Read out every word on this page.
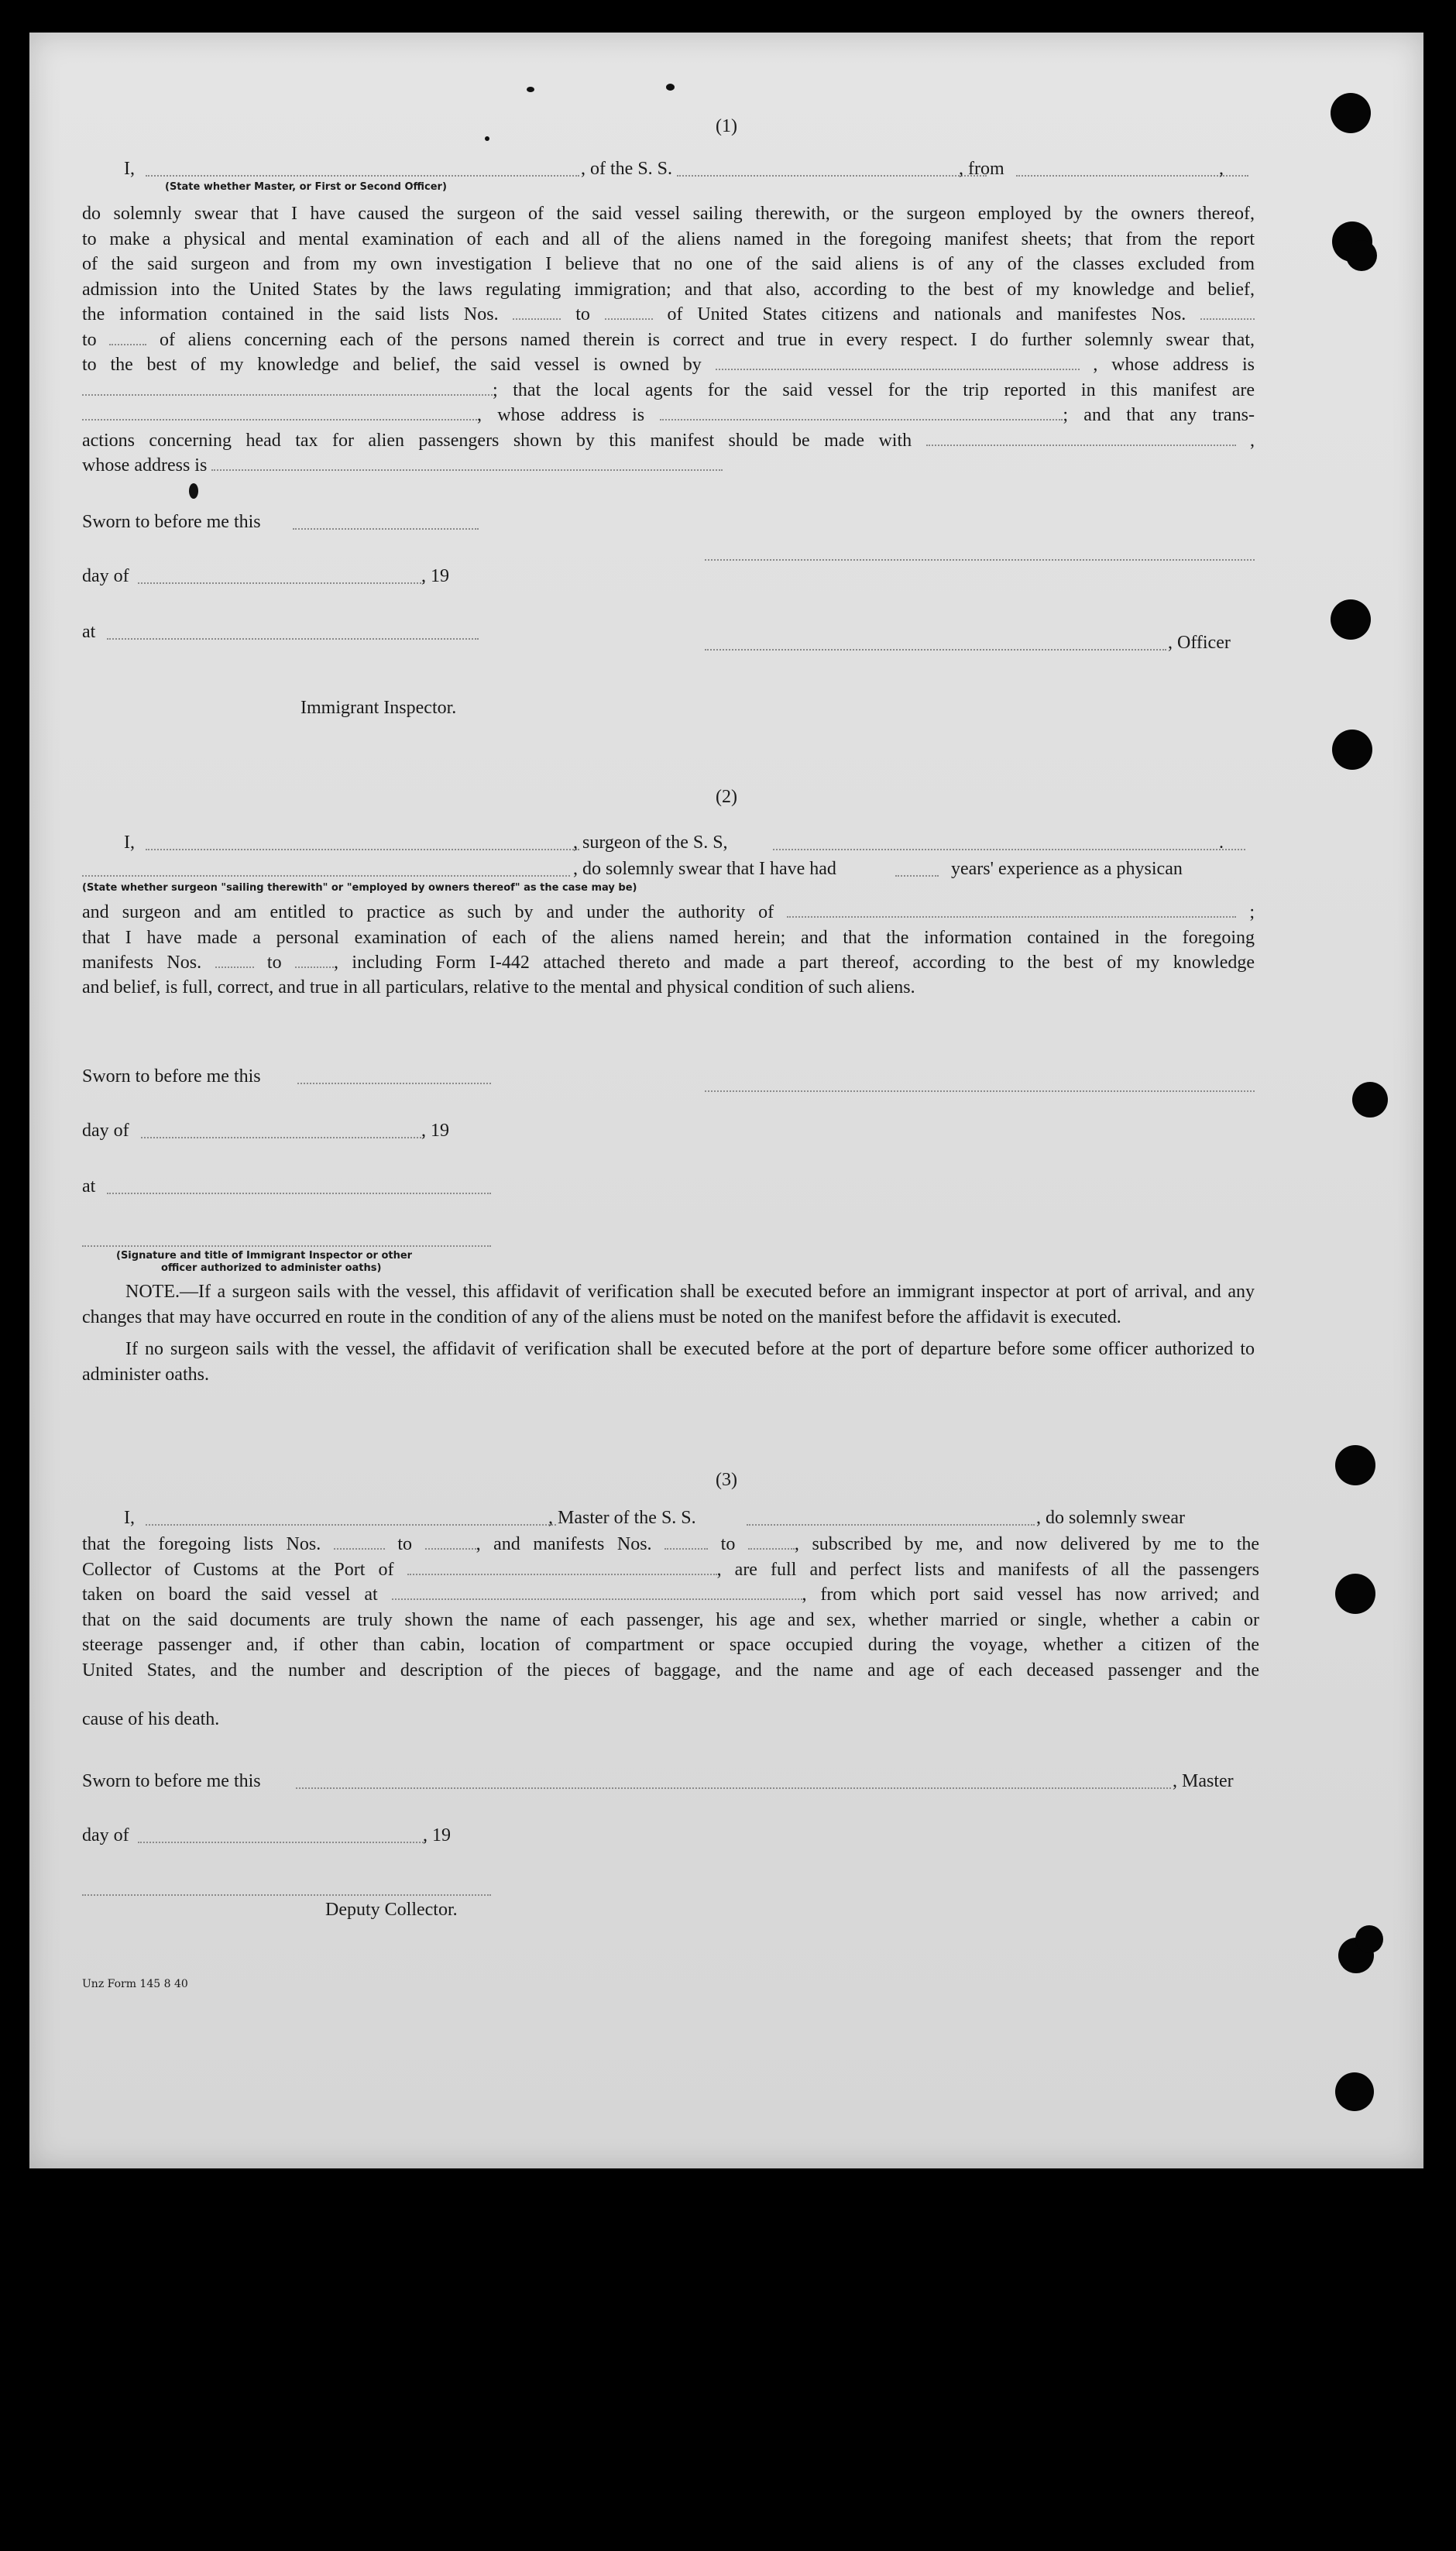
(1)
I,	, of the S. S.	, from	,
(State whether Master, or First or Second Officer)
do solemnly swear that I have caused the surgeon of the said vessel sailing therewith, or the surgeon employed by the owners thereof,
to make a physical and mental examination of each and all of the aliens named in the foregoing manifest sheets; that from the report
of the said surgeon and from my own investigation I believe that no one of the said aliens is of any of the classes excluded from
admission into the United States by the laws regulating immigration; and that also, according to the best of my knowledge and belief,
the information contained in the said lists Nos.	to	of United States citizens and nationals and manifestes Nos.
to	of aliens concerning each of the persons named therein is correct and true in every respect. I do further solemnly swear that,
to the best of my knowledge and belief, the said vessel is owned by	, whose address is
; that the local agents for the said vessel for the trip reported in this manifest are
, whose address is	; and that any trans-
actions concerning head tax for alien passengers shown by this manifest should be made with	,
whose address is
Sworn to before me this
day of	, 19
at
, Officer
Immigrant Inspector.
(2)
I,	, surgeon of the S. S,	.
, do solemnly swear that I have had	years' experience as a physican
(State whether surgeon "sailing therewith" or "employed by owners thereof" as the case may be)
and surgeon and am entitled to practice as such by and under the authority of	;
that I have made a personal examination of each of the aliens named herein; and that the information contained in the foregoing
manifests Nos.	to	, including Form I-442 attached thereto and made a part thereof, according to the best of my knowledge
and belief, is full, correct, and true in all particulars, relative to the mental and physical condition of such aliens.
Sworn to before me this
day of	, 19
at
(Signature and title of Immigrant Inspector or other
officer authorized to administer oaths)
NOTE.—If a surgeon sails with the vessel, this affidavit of verification shall be executed before an immigrant inspector at port of arrival, and any changes that may have occurred en route in the condition of any of the aliens must be noted on the manifest before the affidavit is executed.
If no surgeon sails with the vessel, the affidavit of verification shall be executed before at the port of departure before some officer authorized to administer oaths.
(3)
I,	, Master of the S. S.	, do solemnly swear
that the foregoing lists Nos.	to	, and manifests Nos.	to	, subscribed by me, and now delivered by me to the
Collector of Customs at the Port of	, are full and perfect lists and manifests of all the passengers
taken on board the said vessel at	, from which port said vessel has now arrived; and
that on the said documents are truly shown the name of each passenger, his age and sex, whether married or single, whether a cabin or
steerage passenger and, if other than cabin, location of compartment or space occupied during the voyage, whether a citizen of the
United States, and the number and description of the pieces of baggage, and the name and age of each deceased passenger and the
cause of his death.
Sworn to before me this	, Master
day of	, 19
Deputy Collector.
Unz Form 145 8 40
